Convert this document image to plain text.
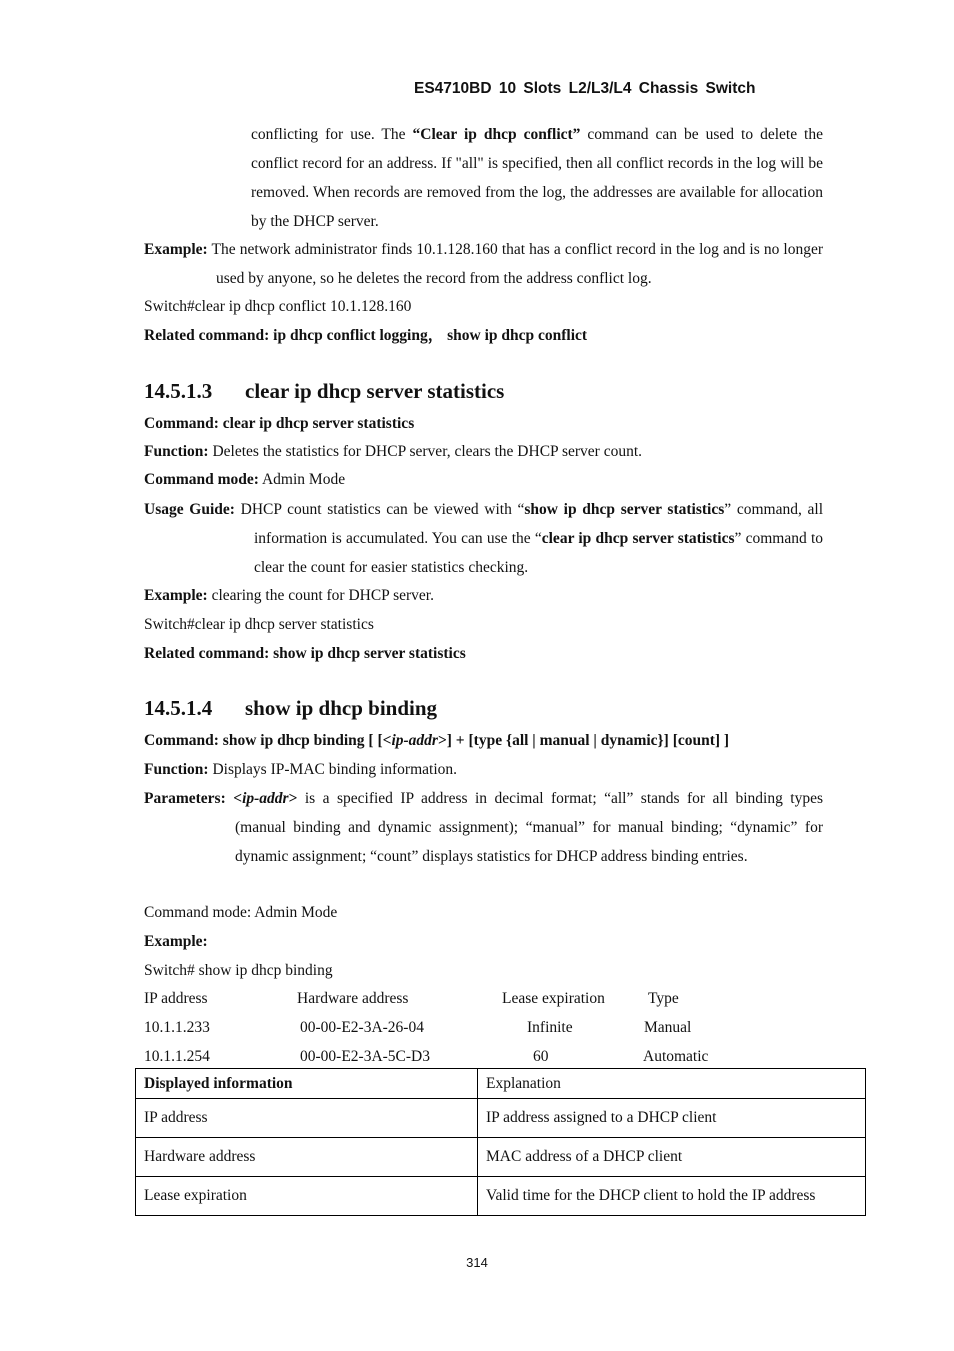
ES4710BD 10 Slots L2/L3/L4 Chassis Switch
conflicting for use. The “Clear ip dhcp conflict” command can be used to delete the conflict record for an address. If "all" is specified, then all conflict records in the log will be removed. When records are removed from the log, the addresses are available for allocation by the DHCP server.
Example: The network administrator finds 10.1.128.160 that has a conflict record in the log and is no longer used by anyone, so he deletes the record from the address conflict log.
Switch#clear ip dhcp conflict 10.1.128.160
Related command: ip dhcp conflict logging， show ip dhcp conflict
14.5.1.3 clear ip dhcp server statistics
Command: clear ip dhcp server statistics
Function: Deletes the statistics for DHCP server, clears the DHCP server count.
Command mode: Admin Mode
Usage Guide: DHCP count statistics can be viewed with “show ip dhcp server statistics” command, all information is accumulated. You can use the “clear ip dhcp server statistics” command to clear the count for easier statistics checking.
Example: clearing the count for DHCP server.
Switch#clear ip dhcp server statistics
Related command: show ip dhcp server statistics
14.5.1.4 show ip dhcp binding
Command: show ip dhcp binding [ [<ip-addr>] + [type {all | manual | dynamic}] [count] ]
Function: Displays IP-MAC binding information.
Parameters: <ip-addr> is a specified IP address in decimal format; “all” stands for all binding types (manual binding and dynamic assignment); “manual” for manual binding; “dynamic” for dynamic assignment; “count” displays statistics for DHCP address binding entries.
Command mode: Admin Mode
Example:
Switch# show ip dhcp binding
IP address	Hardware address	Lease expiration	Type
10.1.1.233	00-00-E2-3A-26-04	Infinite	Manual
10.1.1.254	00-00-E2-3A-5C-D3	60	Automatic
Displayed information	Explanation
IP address	IP address assigned to a DHCP client
Hardware address	MAC address of a DHCP client
Lease expiration	Valid time for the DHCP client to hold the IP address
314
